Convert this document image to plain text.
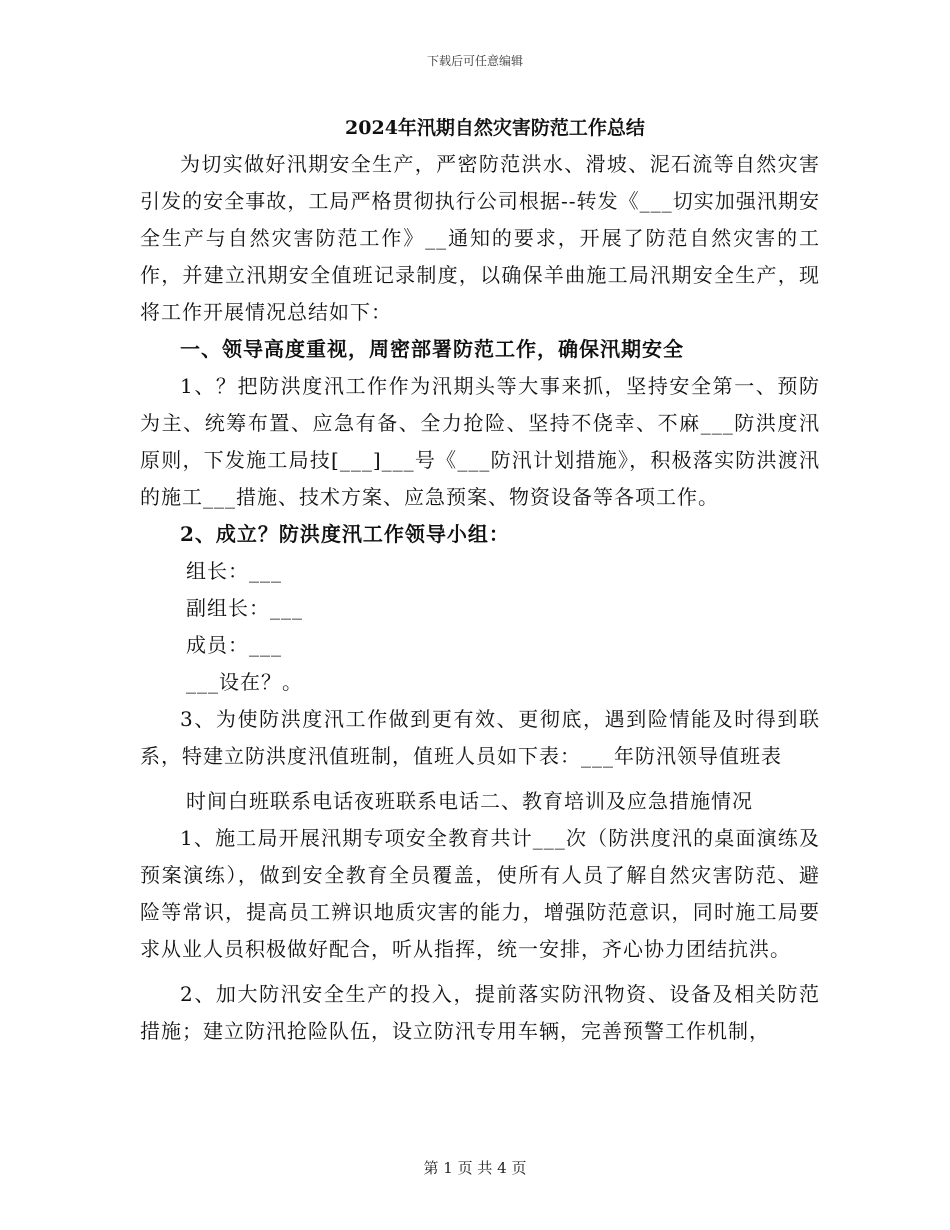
下载后可任意编辑

2024年汛期自然灾害防范工作总结

为切实做好汛期安全生产，严密防范洪水、滑坡、泥石流等自然灾害引发的安全事故，工局严格贯彻执行公司根据--转发《___切实加强汛期安全生产与自然灾害防范工作》__通知的要求，开展了防范自然灾害的工作，并建立汛期安全值班记录制度，以确保羊曲施工局汛期安全生产，现将工作开展情况总结如下：

一、领导高度重视，周密部署防范工作，确保汛期安全

1、？把防洪度汛工作作为汛期头等大事来抓，坚持安全第一、预防为主、统筹布置、应急有备、全力抢险、坚持不侥幸、不麻___防洪度汛原则，下发施工局技[___]___号《___防汛计划措施》，积极落实防洪渡汛的施工___措施、技术方案、应急预案、物资设备等各项工作。

2、成立？防洪度汛工作领导小组：

组长：___

副组长：___

成员：___

___设在？。

3、为使防洪度汛工作做到更有效、更彻底，遇到险情能及时得到联系，特建立防洪度汛值班制，值班人员如下表：___年防汛领导值班表

时间白班联系电话夜班联系电话二、教育培训及应急措施情况

1、施工局开展汛期专项安全教育共计___次（防洪度汛的桌面演练及预案演练），做到安全教育全员覆盖，使所有人员了解自然灾害防范、避险等常识，提高员工辨识地质灾害的能力，增强防范意识，同时施工局要求从业人员积极做好配合，听从指挥，统一安排，齐心协力团结抗洪。

2、加大防汛安全生产的投入，提前落实防汛物资、设备及相关防范措施；建立防汛抢险队伍，设立防汛专用车辆，完善预警工作机制，

第 1 页 共 4 页
